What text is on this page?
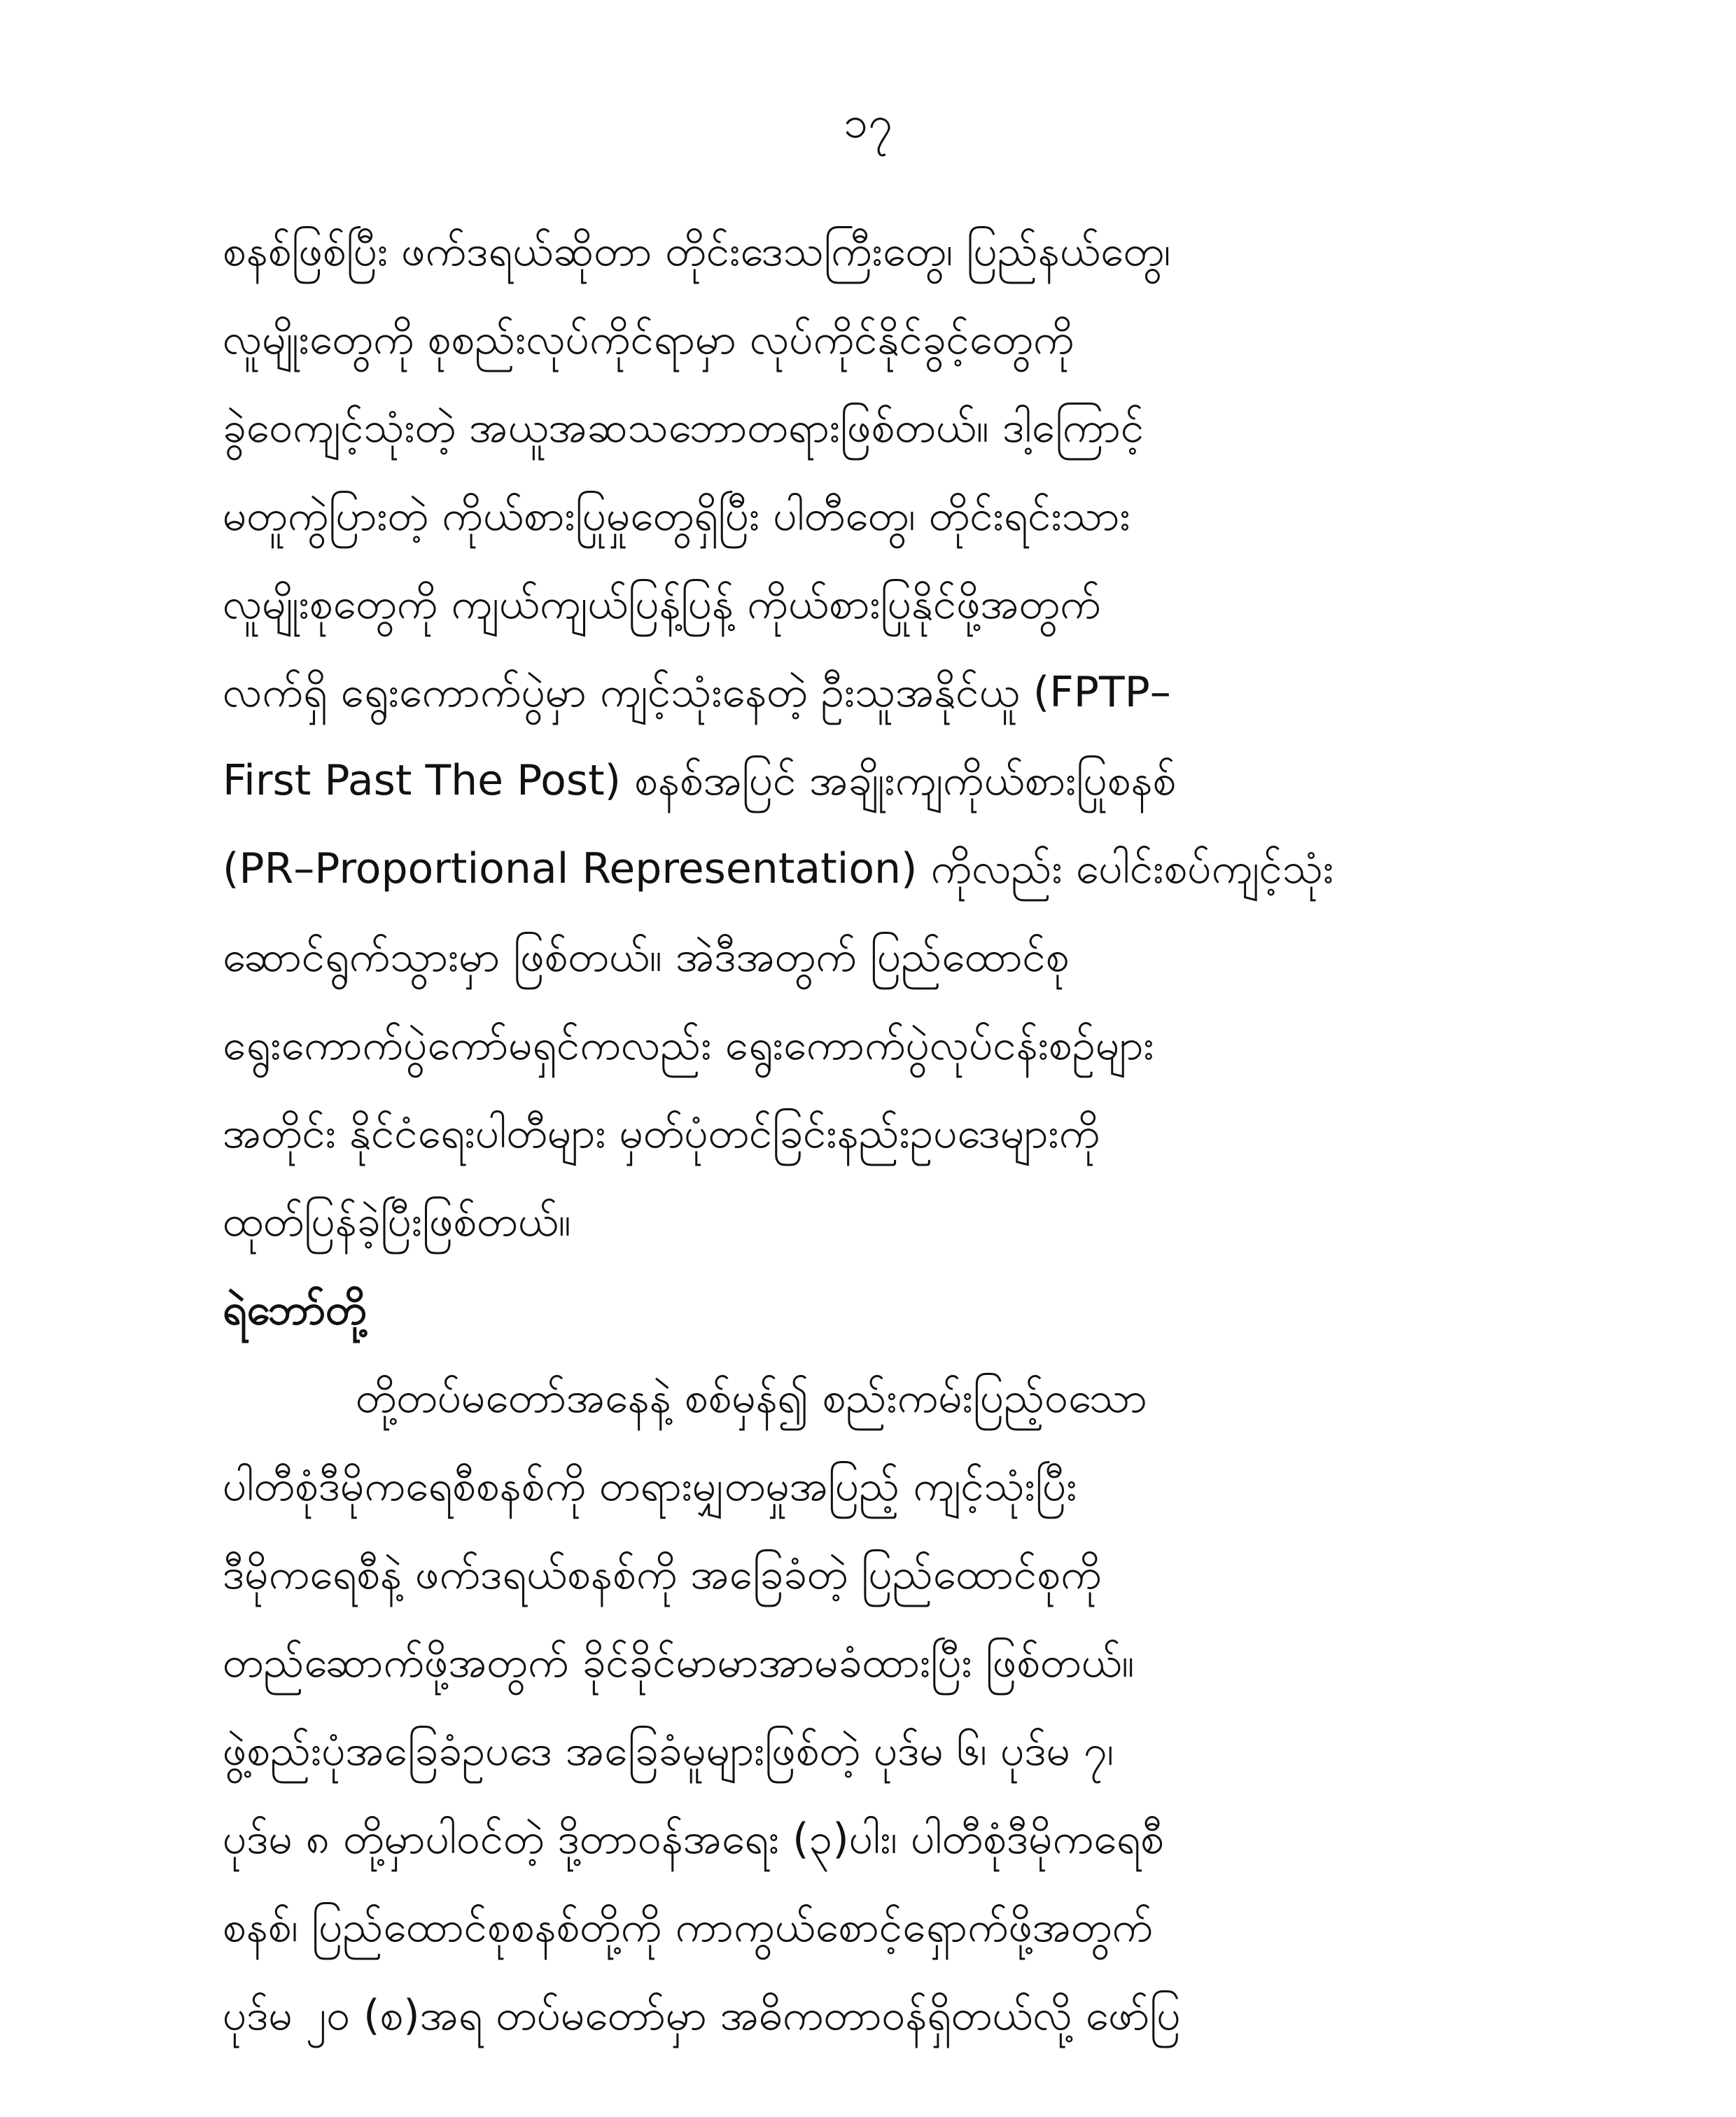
၁၇
စနစ်ဖြစ်ပြီး ဖက်ဒရယ်ဆိုတာ တိုင်းဒေသကြီးတွေ၊ ပြည်နယ်တွေ၊
လူမျိုးတွေကို စုစည်းလုပ်ကိုင်ရာမှာ လုပ်ကိုင်နိုင်ခွင့်တွေကို
ခွဲဝေကျင့်သုံးတဲ့ အယူအဆသဘောတရားဖြစ်တယ်။ ဒါ့ကြောင့်
မတူကွဲပြားတဲ့ ကိုယ်စားပြုမှုတွေရှိပြီး ပါတီတွေ၊ တိုင်းရင်းသား
လူမျိုးစုတွေကို ကျယ်ကျယ်ပြန့်ပြန့် ကိုယ်စားပြုနိုင်ဖို့အတွက်
လက်ရှိ ရွေးကောက်ပွဲမှာ ကျင့်သုံးနေတဲ့ ဦးသူအနိုင်ယူ (FPTP–
First Past The Post) စနစ်အပြင် အချိုးကျကိုယ်စားပြုစနစ်
(PR–Proportional Representation) ကိုလည်း ပေါင်းစပ်ကျင့်သုံး
ဆောင်ရွက်သွားမှာ ဖြစ်တယ်။ အဲဒီအတွက် ပြည်ထောင်စု
ရွေးကောက်ပွဲကော်မရှင်ကလည်း ရွေးကောက်ပွဲလုပ်ငန်းစဉ်များ
အတိုင်း နိုင်ငံရေးပါတီများ မှတ်ပုံတင်ခြင်းနည်းဥပဒေများကို
ထုတ်ပြန်ခဲ့ပြီးဖြစ်တယ်။
ရဲဘော်တို့
တို့တပ်မတော်အနေနဲ့ စစ်မှန်၍ စည်းကမ်းပြည့်ဝသော
ပါတီစုံဒီမိုကရေစီစနစ်ကို တရားမျှတမှုအပြည့် ကျင့်သုံးပြီး
ဒီမိုကရေစီနဲ့ ဖက်ဒရယ်စနစ်ကို အခြေခံတဲ့ ပြည်ထောင်စုကို
တည်ဆောက်ဖို့အတွက် ခိုင်ခိုင်မာမာအာမခံထားပြီး ဖြစ်တယ်။
ဖွဲ့စည်းပုံအခြေခံဥပဒေ အခြေခံမူများဖြစ်တဲ့ ပုဒ်မ ၆၊ ပုဒ်မ ၇၊
ပုဒ်မ ၈ တို့မှာပါဝင်တဲ့ ဒို့တာဝန်အရေး (၃)ပါး၊ ပါတီစုံဒီမိုကရေစီ
စနစ်၊ ပြည်ထောင်စုစနစ်တို့ကို ကာကွယ်စောင့်ရှောက်ဖို့အတွက်
ပုဒ်မ ၂၀ (စ)အရ တပ်မတော်မှာ အဓိကတာဝန်ရှိတယ်လို့ ဖော်ပြ
